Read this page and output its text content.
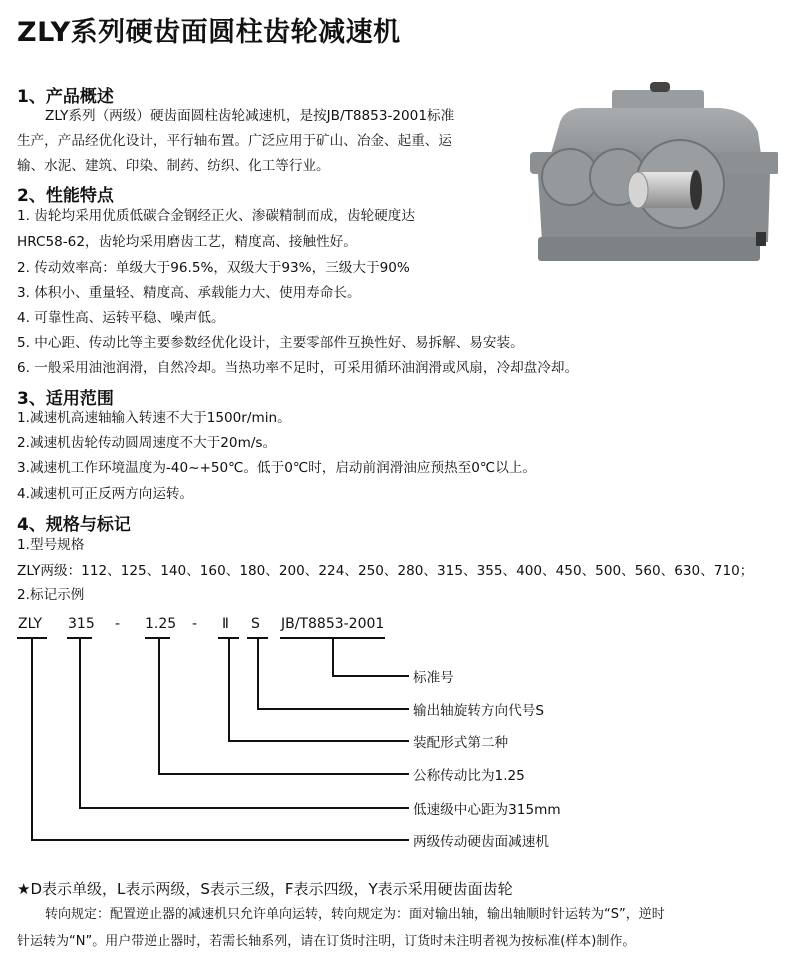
ZLY系列硬齿面圆柱齿轮减速机
1、产品概述
ZLY系列（两级）硬齿面圆柱齿轮减速机，是按JB/T8853-2001标准
生产，产品经优化设计，平行轴布置。广泛应用于矿山、冶金、起重、运
输、水泥、建筑、印染、制药、纺织、化工等行业。
2、性能特点
1. 齿轮均采用优质低碳合金钢经正火、渗碳精制而成，齿轮硬度达
HRC58-62，齿轮均采用磨齿工艺，精度高、接触性好。
2. 传动效率高：单级大于96.5%，双级大于93%，三级大于90%
3. 体积小、重量轻、精度高、承载能力大、使用寿命长。
4. 可靠性高、运转平稳、噪声低。
5. 中心距、传动比等主要参数经优化设计，主要零部件互换性好、易拆解、易安装。
6. 一般采用油池润滑，自然冷却。当热功率不足时，可采用循环油润滑或风扇，冷却盘冷却。
3、适用范围
1.减速机高速轴输入转速不大于1500r/min。
2.减速机齿轮传动圆周速度不大于20m/s。
3.减速机工作环境温度为-40~+50℃。低于0℃时，启动前润滑油应预热至0℃以上。
4.减速机可正反两方向运转。
4、规格与标记
1.型号规格
ZLY两级：112、125、140、160、180、200、224、250、280、315、355、400、450、500、560、630、710；
2.标记示例
ZLY 315 - 1.25 - Ⅱ S JB/T8853-2001
标准号
输出轴旋转方向代号S
装配形式第二种
公称传动比为1.25
低速级中心距为315mm
两级传动硬齿面减速机
★D表示单级，L表示两级，S表示三级，F表示四级，Y表示采用硬齿面齿轮
转向规定：配置逆止器的减速机只允许单向运转，转向规定为：面对输出轴，输出轴顺时针运转为“S”，逆时
针运转为“N”。用户带逆止器时，若需长轴系列，请在订货时注明，订货时未注明者视为按标准(样本)制作。
